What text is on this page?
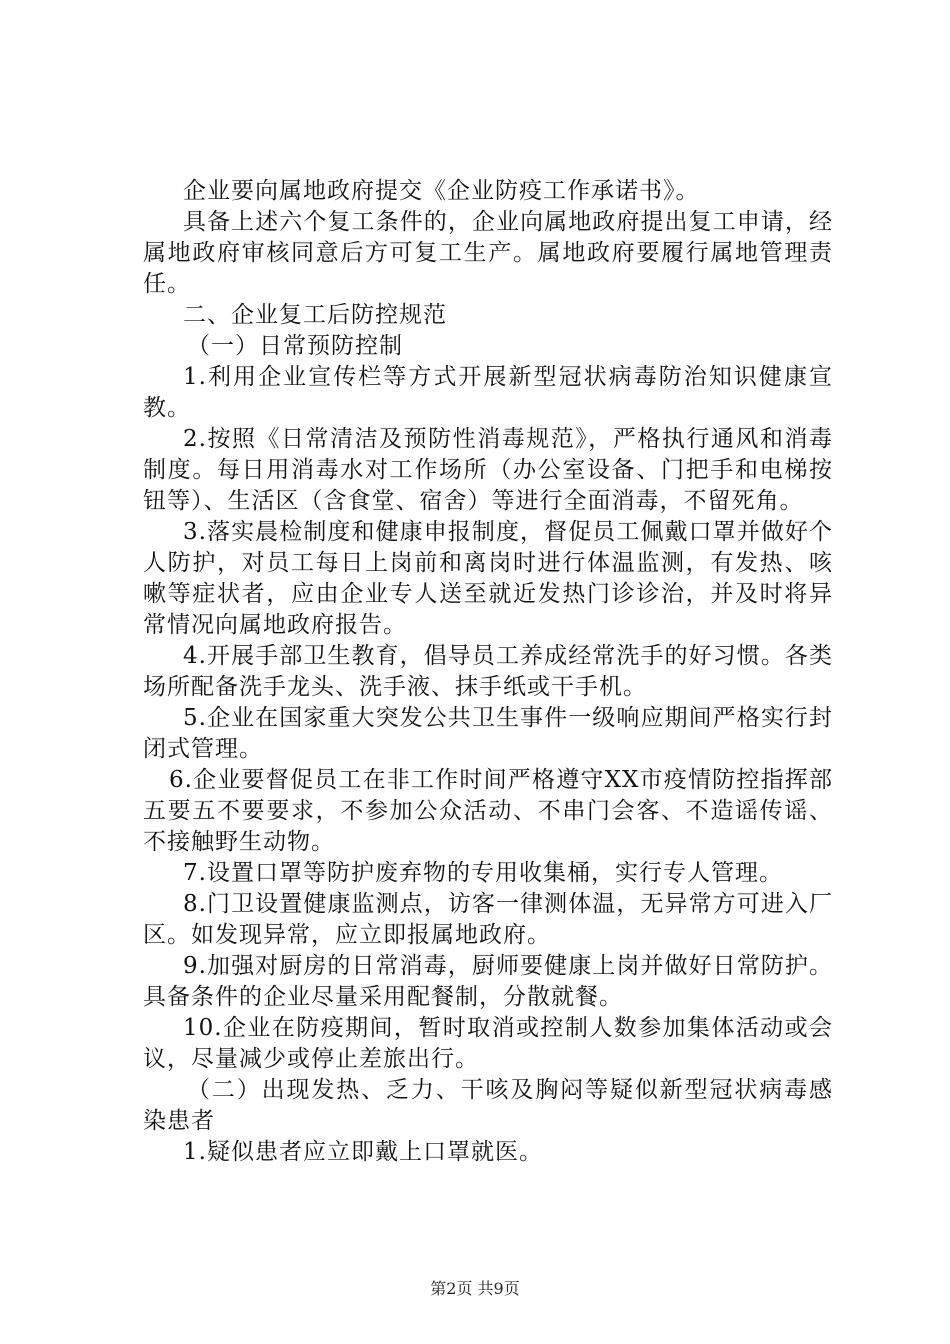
企业要向属地政府提交《企业防疫工作承诺书》。

具备上述六个复工条件的，企业向属地政府提出复工申请，经属地政府审核同意后方可复工生产。属地政府要履行属地管理责任。

二、企业复工后防控规范

（一）日常预防控制

1.利用企业宣传栏等方式开展新型冠状病毒防治知识健康宣教。

2.按照《日常清洁及预防性消毒规范》，严格执行通风和消毒制度。每日用消毒水对工作场所（办公室设备、门把手和电梯按钮等）、生活区（含食堂、宿舍）等进行全面消毒，不留死角。

3.落实晨检制度和健康申报制度，督促员工佩戴口罩并做好个人防护，对员工每日上岗前和离岗时进行体温监测，有发热、咳嗽等症状者，应由企业专人送至就近发热门诊诊治，并及时将异常情况向属地政府报告。

4.开展手部卫生教育，倡导员工养成经常洗手的好习惯。各类场所配备洗手龙头、洗手液、抹手纸或干手机。

5.企业在国家重大突发公共卫生事件一级响应期间严格实行封闭式管理。

6.企业要督促员工在非工作时间严格遵守XX市疫情防控指挥部五要五不要要求，不参加公众活动、不串门会客、不造谣传谣、不接触野生动物。

7.设置口罩等防护废弃物的专用收集桶，实行专人管理。

8.门卫设置健康监测点，访客一律测体温，无异常方可进入厂区。如发现异常，应立即报属地政府。

9.加强对厨房的日常消毒，厨师要健康上岗并做好日常防护。具备条件的企业尽量采用配餐制，分散就餐。

10.企业在防疫期间，暂时取消或控制人数参加集体活动或会议，尽量减少或停止差旅出行。

（二）出现发热、乏力、干咳及胸闷等疑似新型冠状病毒感染患者

1.疑似患者应立即戴上口罩就医。

第2页 共9页
